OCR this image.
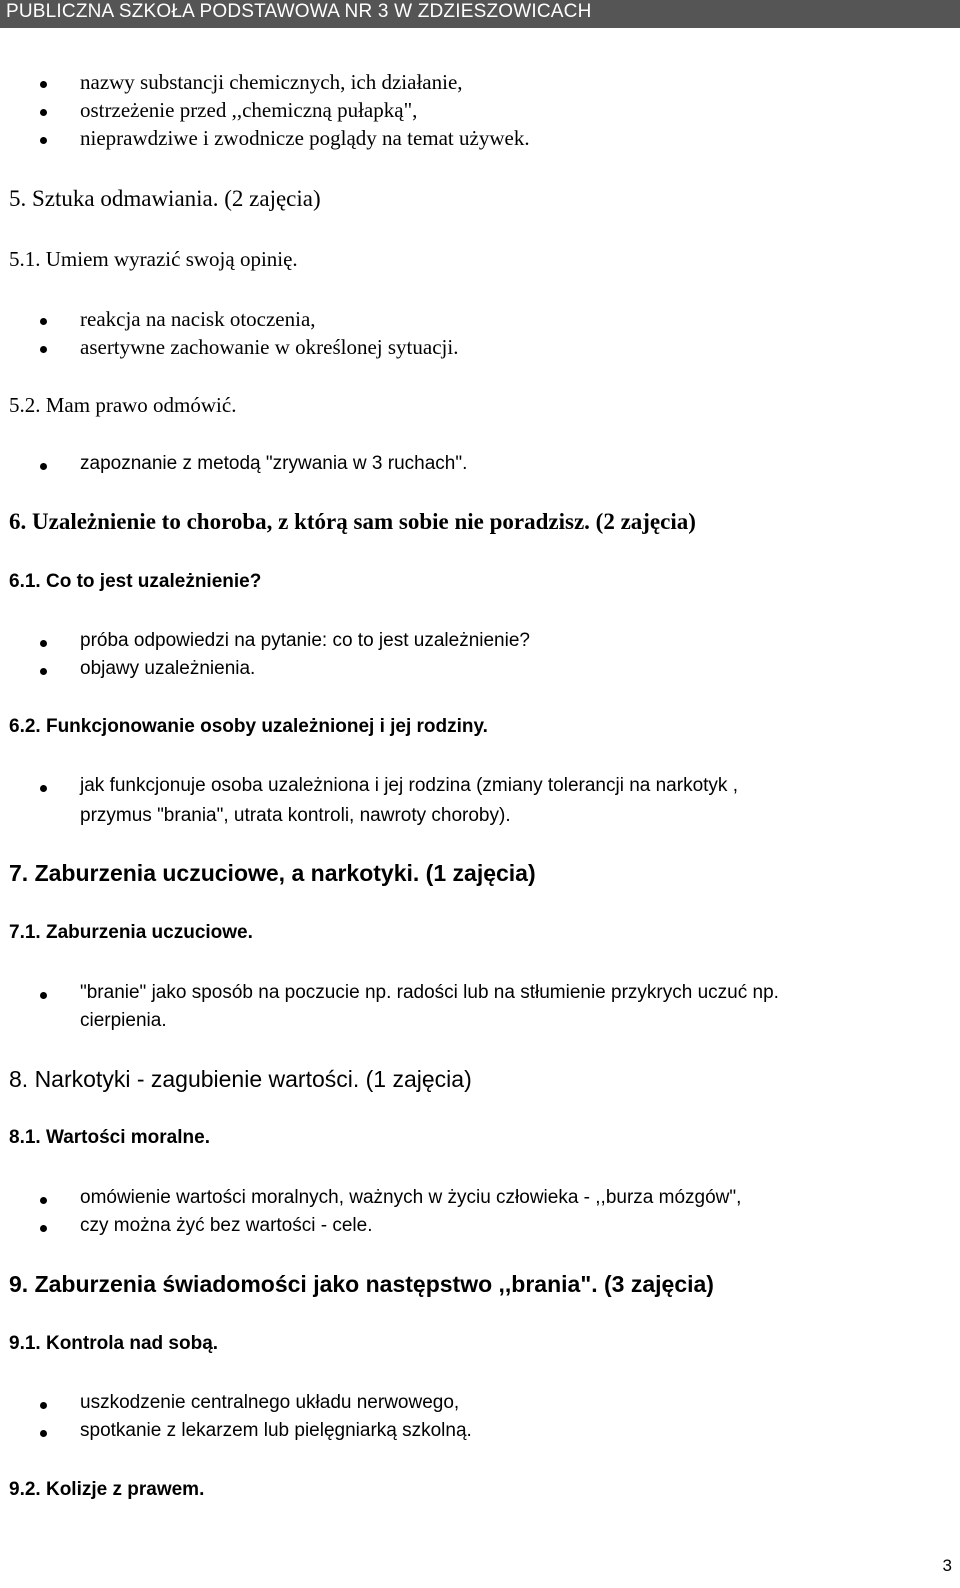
PUBLICZNA SZKOŁA PODSTAWOWA NR 3 W ZDZIESZOWICACH
nazwy substancji chemicznych, ich działanie,
ostrzeżenie przed ,,chemiczną pułapką",
nieprawdziwe i zwodnicze poglądy na temat używek.
5. Sztuka odmawiania. (2 zajęcia)
5.1. Umiem wyrazić swoją opinię.
reakcja na nacisk otoczenia,
asertywne zachowanie w określonej sytuacji.
5.2. Mam prawo odmówić.
zapoznanie z metodą "zrywania w 3 ruchach".
6. Uzależnienie to choroba, z którą sam sobie nie poradzisz. (2 zajęcia)
6.1. Co to jest uzależnienie?
próba odpowiedzi na pytanie: co to jest uzależnienie?
objawy uzależnienia.
6.2. Funkcjonowanie osoby uzależnionej i jej rodziny.
jak funkcjonuje osoba uzależniona i jej rodzina (zmiany tolerancji na narkotyk ,
przymus "brania", utrata kontroli, nawroty choroby).
7. Zaburzenia uczuciowe, a narkotyki. (1 zajęcia)
7.1. Zaburzenia uczuciowe.
"branie" jako sposób na poczucie np. radości lub na stłumienie przykrych uczuć np.
cierpienia.
8. Narkotyki - zagubienie wartości. (1 zajęcia)
8.1. Wartości moralne.
omówienie wartości moralnych, ważnych w życiu człowieka - ,,burza mózgów",
czy można żyć bez wartości - cele.
9. Zaburzenia świadomości jako następstwo ,,brania". (3 zajęcia)
9.1. Kontrola nad sobą.
uszkodzenie centralnego układu nerwowego,
spotkanie z lekarzem lub pielęgniarką szkolną.
9.2. Kolizje z prawem.
3
